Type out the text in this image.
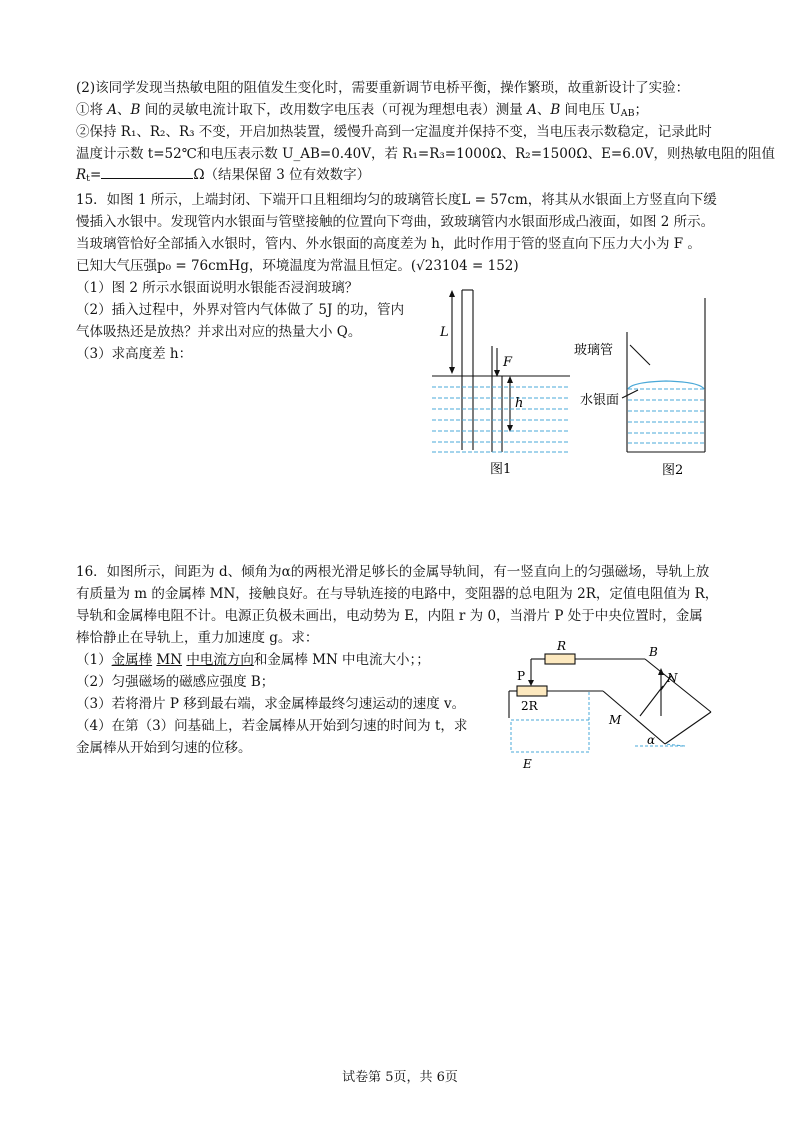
(2)该同学发现当热敏电阻的阻值发生变化时，需要重新调节电桥平衡，操作繁琐，故重新设计了实验：
①将 A、B 间的灵敏电流计取下，改用数字电压表（可视为理想电表）测量 A、B 间电压 $U_{AB}$；
②保持 R₁、R₂、R₃ 不变，开启加热装置，缓慢升高到一定温度并保持不变，当电压表示数稳定，记录此时
温度计示数 t=52℃和电压表示数 U_AB=0.40V，若 R₁=R₃=1000Ω、R₂=1500Ω、E=6.0V，则热敏电阻的阻值
$R_t=$	Ω（结果保留 3 位有效数字）
15．如图 1 所示，上端封闭、下端开口且粗细均匀的玻璃管长度L = 57cm，将其从水银面上方竖直向下缓
慢插入水银中。发现管内水银面与管壁接触的位置向下弯曲，致玻璃管内水银面形成凸液面，如图 2 所示。
当玻璃管恰好全部插入水银时，管内、外水银面的高度差为 h，此时作用于管的竖直向下压力大小为 F 。
已知大气压强p₀ = 76cmHg，环境温度为常温且恒定。(√23104 = 152)
（1）图 2 所示水银面说明水银能否浸润玻璃？
（2）插入过程中，外界对管内气体做了 5J 的功，管内
气体吸热还是放热？并求出对应的热量大小 Q。
（3）求高度差 h：
L
F
h
图1
玻璃管
水银面
图2
16．如图所示，间距为 d、倾角为α的两根光滑足够长的金属导轨间，有一竖直向上的匀强磁场，导轨上放
有质量为 m 的金属棒 MN，接触良好。在与导轨连接的电路中，变阻器的总电阻为 2R，定值电阻值为 R，
导轨和金属棒电阻不计。电源正负极未画出，电动势为 E，内阻 r 为 0，当滑片 P 处于中央位置时，金属
棒恰静止在导轨上，重力加速度 g。求：
（1）金属棒 MN 中电流方向和金属棒 MN 中电流大小；；
（2）匀强磁场的磁感应强度 B；
（3）若将滑片 P 移到最右端，求金属棒最终匀速运动的速度 v。
（4）在第（3）问基础上，若金属棒从开始到匀速的时间为 t，求
金属棒从开始到匀速的位移。
R
P
2R
B
N
M
α
E
试卷第 5页，共 6页
